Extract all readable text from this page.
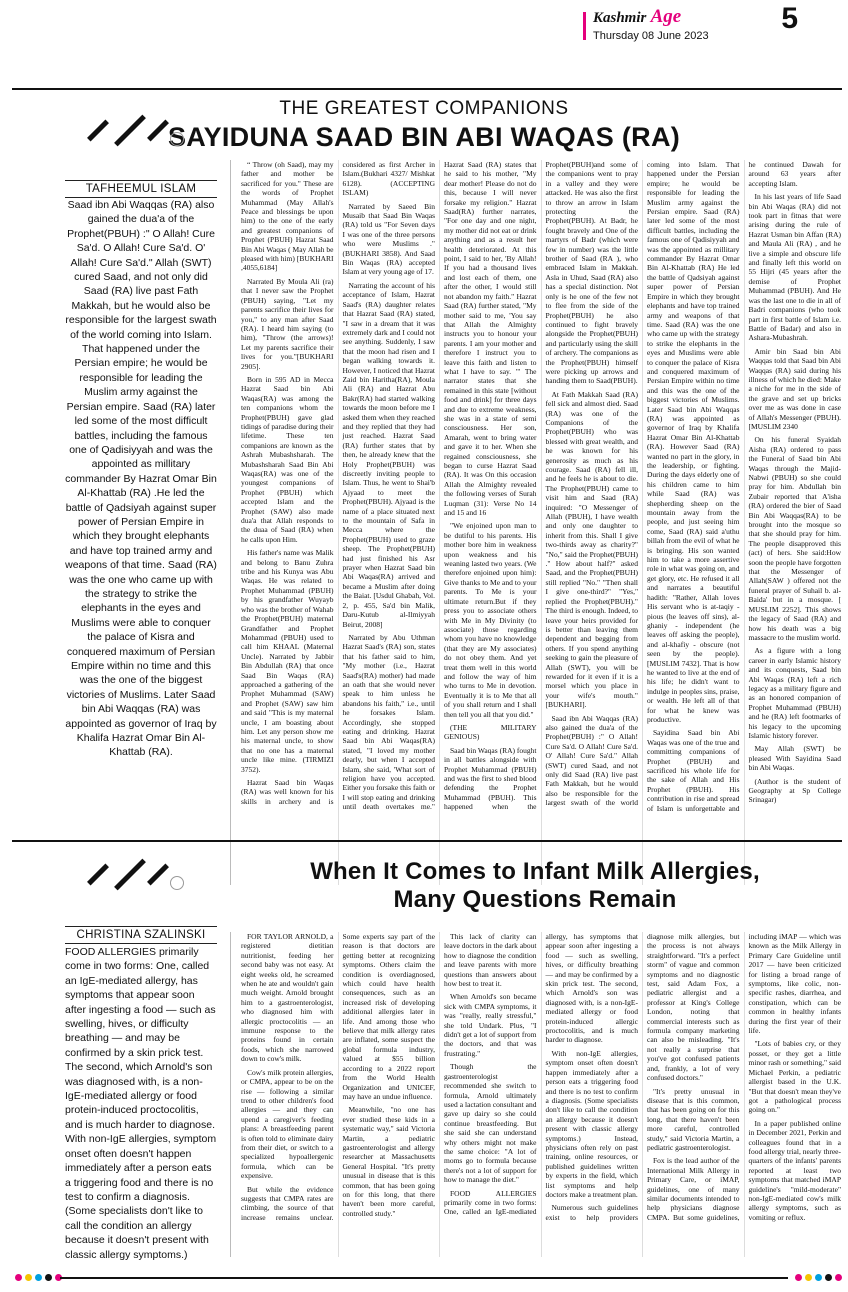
Kashmir Age
Thursday 08 June 2023
5
THE GREATEST COMPANIONS
SAYIDUNA SAAD BIN ABI WAQAS (RA)
TAFHEEMUL ISLAM

Saad ibn Abi Waqqas (RA) also gained the dua'a of the Prophet(PBUH) :" O Allah! Cure Sa'd. O Allah! Cure Sa'd. O' Allah! Cure Sa'd." Allah (SWT) cured Saad, and not only did Saad (RA) live past Fath Makkah, but he would also be responsible for the largest swath of the world coming into Islam. That happened under the Persian empire; he would be responsible for leading the Muslim army against the Persian empire. Saad (RA) later led some of the most difficult battles, including the famous one of Qadisiyyah and was the appointed as millitary commander By Hazrat Omar Bin Al-Khattab (RA) .He led the battle of Qadsiyah against super power of Persian Empire in which they brought elephants and have top trained army and weapons of that time. Saad (RA) was the one who came up with the strategy to strike the elephants in the eyes and Muslims were able to conquer the palace of Kisra and conquered maximum of Persian Empire within no time and this was the one of the biggest victories of Muslims. Later Saad bin Abi Waqqas (RA) was appointed as governor of Iraq by Khalifa Hazrat Omar Bin Al-Khattab (RA).

“ Throw (oh Saad), may my father and mother be sacrificed for you." These are the words of Prophet Muhammad (May Allah's Peace and blessings be upon him) to the one of the early and greatest companions of Prophet (PBUH) Hazrat Saad Bin Abi Waqas ( May Allah be pleased with him) [BUKHARI ,4055,6184]

Narrated By Moula Ali (ra) that I never saw the Prophet (PBUH) saying, "Let my parents sacrifice their lives for you," to any man after Saad (RA). I heard him saying (to him), "Throw (the arrows)! Let my parents sacrifice their lives for you."[BUKHARI 2905].

Born in 595 AD in Mecca Hazrat Saad bin Abi Waqas(RA) was among the ten companions whom the Prophet(PBUH) gave glad tidings of paradise during their lifetime. These ten companions are known as the Ashrah Mubashsharah. The Mubashsharah Saad Bin Abi Waqas(RA) was one of the youngest companions of Prophet (PBUH) which accepted Islam and the Prophet (SAW) also made dua'a that Allah responds to the duaa of Saad (RA) when he calls upon Him.

His father's name was Malik and belong to Banu Zuhra tribe and his Kunya was Abu Waqas. He was related to Prophet Muhammad (PBUH) by his grandfather Wuyayb who was the brother of Wahab the Prophet(PBUH) maternal Grandfather and Prophet Mohammad (PBUH) used to call him KHAAL (Maternal Uncle). Narrated by Jabbir Bin Abdullah (RA) that once Saad Bin Waqas (RA) approached a gathering of the Prophet Muhammad (SAW) and Prophet (SAW) saw him and said "This is my maternal uncle, I am boasting about him. Let any person show me his maternal uncle, to show that no one has a maternal uncle like mine. (TIRMIZI 3752).

Hazrat Saad bin Waqas (RA) was well known for his skills in archery and is considered as first Archer in Islam.(Bukhari 4327/ Mishkat 6128). (ACCEPTING ISLAM)

Narrated by Saeed Bin Musaib that Saad Bin Waqas (RA) told us "For Seven days I was one of the three persons who were Muslims ." (BUKHARI 3858). And Saad Bin Waqas (RA) accepted Islam at very young age of 17.

Narrating the account of his acceptance of Islam, Hazrat Saad's (RA) daughter relates that Hazrat Saad (RA) stated, "I saw in a dream that it was extremely dark and I could not see anything. Suddenly, I saw that the moon had risen and I began walking towards it. However, I noticed that Hazrat Zaid bin Haritha(RA), Moula Ali (RA) and Hazrat Abu Bakr(RA) had started walking towards the moon before me I asked them when they reached and they replied that they had just reached. Hazrat Saad (RA) further states that by then, he already knew that the Holy Prophet(PBUH) was discreetly inviting people to Islam. Thus, he went to Shai'b Ajyaad to meet the Prophet(PBUH). Ajyaad is the name of a place situated next to the mountain of Safa in Mecca where the Prophet(PBUH) used to graze sheep. The Prophet(PBUH) had just finished his Asr prayer when Hazrat Saad bin Abi Waqas(RA) arrived and became a Muslim after doing the Baiat. [Usdul Ghabah, Vol. 2, p. 455, Sa'd bin Malik, Daru-Kutub al-Ilmiyyah Beirut, 2008]

Narrated by Abu Uthman Hazrat Saad's (RA) son, states that his father said to him, "My mother (i.e., Hazrat Saad's(RA) mother) had made an oath that she would never speak to him unless he abandons his faith," i.e., until he forsakes Islam. Accordingly, she stopped eating and drinking. Hazrat Saad bin Abi Waqas(RA) stated, "I loved my mother dearly, but when I accepted Islam, she said, 'What sort of religion have you accepted. Either you forsake this faith or I will stop eating and drinking until death overtakes me." Hazrat Saad (RA) states that he said to his mother, "My dear mother! Please do not do this, because I will never forsake my religion." Hazrat Saad(RA) further narrates, "For one day and one night, my mother did not eat or drink anything and as a result her health deteriorated. At this point, I said to her, 'By Allah! If you had a thousand lives and lost each of them, one after the other, I would still not abandon my faith." Hazrat Saad (RA) further stated, "My mother said to me, 'You say that Allah the Almighty instructs you to honour your parents. I am your mother and therefore I instruct you to leave this faith and listen to what I have to say. '" The narrator states that she remained in this state [without food and drink] for three days and due to extreme weakness, she was in a state of semi consciousness. Her son, Amarah, went to bring water and gave it to her. When she regained consciousness, she began to curse Hazrat Saad (RA). It was On this occasion Allah the Almighty revealed the following verses of Surah Luqman (31): Verse No 14 and 15 and 16

"We enjoined upon man to be dutiful to his parents. His mother bore him in weakness upon weakness and his weaning lasted two years. (We therefore enjoined upon him): Give thanks to Me and to your parents. To Me is your ultimate return.But if they press you to associate others with Me in My Divinity (to associate) those regarding whom you have no knowledge (that they are My associates) do not obey them. And yet treat them well in this world and follow the way of him who turns to Me in devotion. Eventually it is to Me that all of you shall return and I shall then tell you all that you did."

(THE MILITARY GENIOUS)

Saad bin Waqas (RA) fought in all battles alongside with Prophet Muhammad (PBUH) and was the first to shed blood defending the Prophet Muhammad (PBUH). This happened when the Prophet(PBUH)and some of the companions went to pray in a valley and they were attacked. He was also the first to throw an arrow in Islam protecting the Prophet(PBUH). At Badr, he fought bravely and One of the martyrs of Badr (which were few in number) was the little brother of Saad (RA ), who embraced Islam in Makkah. Asla in Uhud, Saad (RA) also has a special distinction. Not only is he one of the few not to flee from the side of the Prophet(PBUH) he also continued to fight bravely alongside the Prophet(PBUH) and particularly using the skill of archery. The companions as the Prophet(PBUH) himself were picking up arrows and handing them to Saad(PBUH).

At Fath Makkah Saad (RA) fell sick and almost died. Saad (RA) was one of the Companions of the Prophet(PBUH) who was blessed with great wealth, and he was known for his generosity as much as his courage. Saad (RA) fell ill, and he feels he is about to die. The Prophet(PBUH) came to visit him and Saad (RA) inquired: "O Messenger of Allah (PBUH), I have wealth and only one daughter to inherit from this. Shall I give two-thirds away as charity?" "No," said the Prophet(PBUH) ." How about half?" asked Saad, and the Prophet(PBUH) still replied "No." "Then shall I give one-third?" "Yes," replied the Prophet(PBUH)." The third is enough. Indeed, to leave your heirs provided for is better than leaving them dependent and begging from others. If you spend anything seeking to gain the pleasure of Allah (SWT), you will be rewarded for it even if it is a morsel which you place in your wife's mouth." [BUKHARI].

Saad ibn Abi Waqqas (RA) also gained the dua'a of the Prophet(PBUH) :" O Allah! Cure Sa'd. O Allah! Cure Sa'd. O' Allah! Cure Sa'd." Allah (SWT) cured Saad, and not only did Saad (RA) live past Fath Makkah, but he would also be responsible for the largest swath of the world coming into Islam. That happened under the Persian empire; he would be responsible for leading the Muslim army against the Persian empire. Saad (RA) later led some of the most difficult battles, including the famous one of Qadisiyyah and was the appointed as millitary commander By Hazrat Omar Bin Al-Khattab (RA) He led the battle of Qadsiyah against super power of Persian Empire in which they brought elephants and have top trained army and weapons of that time. Saad (RA) was the one who came up with the strategy to strike the elephants in the eyes and Muslims were able to conquer the palace of Kisra and conquered maximum of Persian Empire within no time and this was the one of the biggest victories of Muslims. Later Saad bin Abi Waqqas (RA) was appointed as governor of Iraq by Khalifa Hazrat Omar Bin Al-Khattab (RA). However Saad (RA) wanted no part in the glory, in the leadership, or fighting. During the days elderly one of his children came to him while Saad (RA) was shepherding sheep on the mountain away from the people, and just seeing him come, Saad (RA) said a'uthu billah from the evil of what he is bringing. His son wanted him to take a more assertive role in what was going on, and get glory, etc. He refused it all and narrates a beautiful hadith: "Rather, Allah loves His servant who is at-taqiy - pious (he leaves off sins), al-ghaniy - independent (he leaves off asking the people), and al-khafiy - obscure (not seen by the people). [MUSLIM 7432]. That is how he wanted to live at the end of his life; he didn't want to indulge in peoples sins, praise, or wealth. He left all of that for what he knew was productive.

Sayidina Saad bin Abi Waqas was one of the true and committing companions of Prophet (PBUH) and sacrificed his whole life for the sake of Allah and His Prophet (PBUH). His contribution in rise and spread of Islam is unforgettable and he continued Dawah for around 63 years after accepting Islam.

In his last years of life Saad bin Abi Waqas (RA) did not took part in fitnas that were arising during the rule of Hazrat Usman bin Affan (RA) and Maula Ali (RA) , and he live a simple and obscure life and finally left this world on 55 Hijri (45 years after the demise of Prophet Muhammad (PBUH). And He was the last one to die in all of Badri companions (who took part in first battle of Islam i.e. Battle of Badar) and also in Ashara-Mubashrah.

Amir bin Saad bin Abi Waqqas told that Saad bin Abi Waqqas (RA) said during his illness of which he died: Make a niche for me in the side of the grave and set up bricks over me as was done in case of Allah's Messenger (PBUH). [MUSLIM 2340

On his funeral Syaidah Aisha (RA) ordered to pass the Funeral of Saad bin Abi Waqas through the Majid-Nabwi (PBUH) so she could pray for him. Abdullah bin Zubair reported that A'isha (RA) ordered the bier of Saad Bin Abi Waqqas(RA) to be brought into the mosque so that she should pray for him. The people disapproved this (act) of hers. She said:How soon the people have forgotten that the Messenger of Allah(SAW ) offered not the funeral prayer of Suhail b. al-Baida' but in a mosque. [ MUSLIM 2252]. This shows the legacy of Saad (RA) and how his death was a big massacre to the muslim world.

As a figure with a long career in early Islamic history and its conquests, Saad bin Abi Waqas (RA) left a rich legacy as a military figure and as an honored companion of Prophet Muhammad (PBUH) and he (RA) left footmarks of his legacy to the upcoming Islamic history forever.

May Allah (SWT) be pleased With Sayidina Saad bin Abi Waqas.

(Author is the student of Geography at Sp College Srinagar)

When It Comes to Infant Milk Allergies,
Many Questions Remain
CHRISTINA SZALINSKI

FOOD ALLERGIES primarily come in two forms: One, called an IgE-mediated allergy, has symptoms that appear soon after ingesting a food — such as swelling, hives, or difficulty breathing — and may be confirmed by a skin prick test. The second, which Arnold's son was diagnosed with, is a non-IgE-mediated allergy or food protein-induced proctocolitis, and is much harder to diagnose. With non-IgE allergies, symptom onset often doesn't happen immediately after a person eats a triggering food and there is no test to confirm a diagnosis. (Some specialists don't like to call the condition an allergy because it doesn't present with classic allergy symptoms.)

FOR TAYLOR ARNOLD, a registered dietitian nutritionist, feeding her second baby was not easy. At eight weeks old, he screamed when he ate and wouldn't gain much weight. Arnold brought him to a gastroenterologist, who diagnosed him with allergic proctocolitis — an immune response to the proteins found in certain foods, which she narrowed down to cow's milk.

Cow's milk protein allergies, or CMPA, appear to be on the rise — following a similar trend to other children's food allergies — and they can upend a caregiver's feeding plans: A breastfeeding parent is often told to eliminate dairy from their diet, or switch to a specialized hypoallergenic formula, which can be expensive.

But while the evidence suggests that CMPA rates are climbing, the source of that increase remains unclear. Some experts say part of the reason is that doctors are getting better at recognizing symptoms. Others claim the condition is overdiagnosed, which could have health consequences, such as an increased risk of developing additional allergies later in life. And among those who believe that milk allergy rates are inflated, some suspect the global formula industry, valued at $55 billion according to a 2022 report from the World Health Organization and UNICEF, may have an undue influence.

Meanwhile, "no one has ever studied these kids in a systematic way," said Victoria Martin, a pediatric gastroenterologist and allergy researcher at Massachusetts General Hospital. "It's pretty unusual in disease that is this common, that has been going on for this long, that there haven't been more careful, controlled study."

This lack of clarity can leave doctors in the dark about how to diagnose the condition and leave parents with more questions than answers about how best to treat it.

When Arnold's son became sick with CMPA symptoms, it was "really, really stressful," she told Undark. Plus, "I didn't get a lot of support from the doctors, and that was frustrating."

Though the gastroenterologist recommended she switch to formula, Arnold ultimately used a lactation consultant and gave up dairy so she could continue breastfeeding. But she said she can understand why others might not make the same choice: "A lot of moms go to formula because there's not a lot of support for how to manage the diet."

FOOD ALLERGIES primarily come in two forms: One, called an IgE-mediated allergy, has symptoms that appear soon after ingesting a food — such as swelling, hives, or difficulty breathing — and may be confirmed by a skin prick test. The second, which Arnold's son was diagnosed with, is a non-IgE-mediated allergy or food protein-induced allergic proctocolitis, and is much harder to diagnose.

With non-IgE allergies, symptom onset often doesn't happen immediately after a person eats a triggering food and there is no test to confirm a diagnosis. (Some specialists don't like to call the condition an allergy because it doesn't present with classic allergy symptoms.) Instead, physicians often rely on past training, online resources, or published guidelines written by experts in the field, which list symptoms and help doctors make a treatment plan.

Numerous such guidelines exist to help providers diagnose milk allergies, but the process is not always straightforward. "It's a perfect storm" of vague and common symptoms and no diagnostic test, said Adam Fox, a pediatric allergist and a professor at King's College London, noting that commercial interests such as formula company marketing can also be misleading. "It's not really a surprise that you've got confused patients and, frankly, a lot of very confused doctors."

"It's pretty unusual in disease that is this common, that has been going on for this long, that there haven't been more careful, controlled study," said Victoria Martin, a pediatric gastroenterologist.

Fox is the lead author of the International Milk Allergy in Primary Care, or iMAP, guidelines, one of many similar documents intended to help physicians diagnose CMPA. But some guidelines, including iMAP — which was known as the Milk Allergy in Primary Care Guideline until 2017 — have been criticized for listing a broad range of symptoms, like colic, non-specific rashes, diarrhea, and constipation, which can be common in healthy infants during the first year of their life.

"Lots of babies cry, or they posset, or they get a little minor rash or something," said Michael Perkin, a pediatric allergist based in the U.K. "But that doesn't mean they've got a pathological process going on."

In a paper published online in December 2021, Perkin and colleagues found that in a food allergy trial, nearly three-quarters of the infants' parents reported at least two symptoms that matched iMAP guideline's "mild-moderate" non-IgE-mediated cow's milk allergy symptoms, such as vomiting or reflux.
